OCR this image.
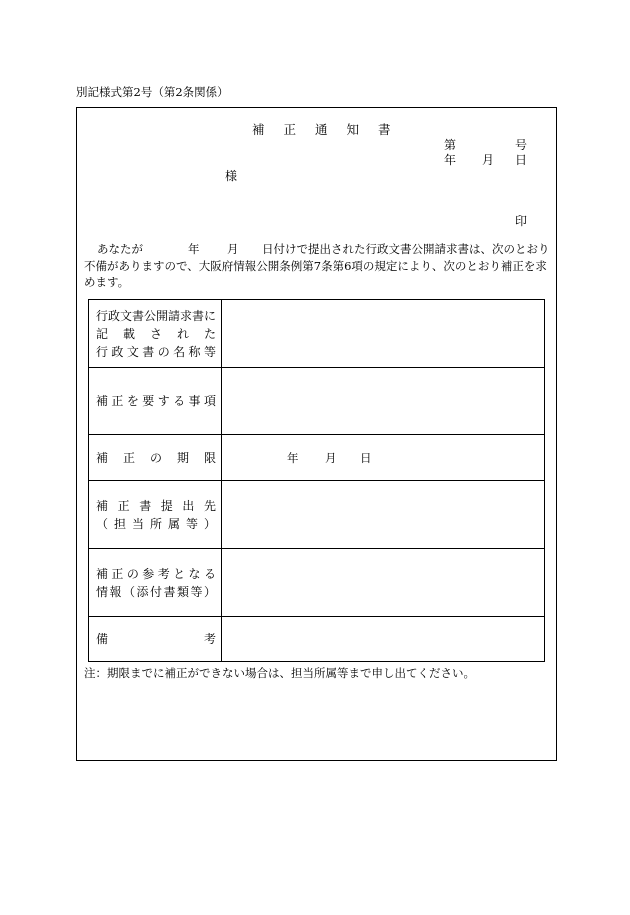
別記様式第2号（第2条関係）
補正通知書
第	号
年 月 日
様
印
あなたが	年 月 日付けで提出された行政文書公開請求書は、次のとおり
不備がありますので、大阪府情報公開条例第7条第6項の規定により、次のとおり補正を求
めます。
行政文書公開請求書に
記載された
行政文書の名称等	

補正を要する事項	

補正の期限	年 月 日

補正書提出先
（担当所属等）	

補正の参考となる
情報（添付書類等）	

備考	

注：期限までに補正ができない場合は、担当所属等まで申し出てください。
